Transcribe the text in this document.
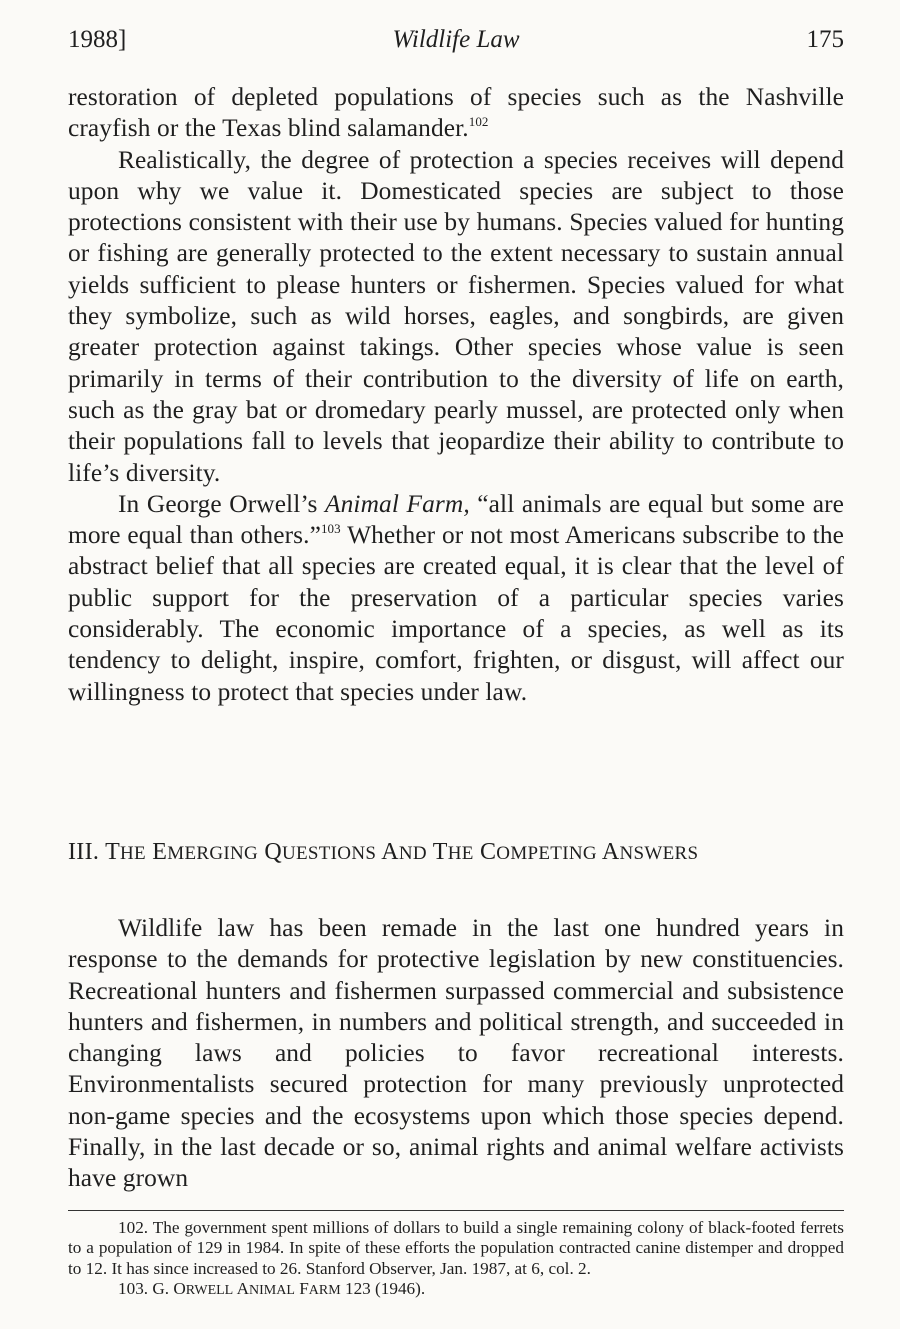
1988]	Wildlife Law	175

restoration of depleted populations of species such as the Nashville crayfish or the Texas blind salamander.$^{102}$

Realistically, the degree of protection a species receives will depend upon why we value it. Domesticated species are subject to those protections consistent with their use by humans. Species valued for hunting or fishing are generally protected to the extent necessary to sustain annual yields sufficient to please hunters or fishermen. Species valued for what they symbolize, such as wild horses, eagles, and songbirds, are given greater protection against takings. Other species whose value is seen primarily in terms of their contribution to the diversity of life on earth, such as the gray bat or dromedary pearly mussel, are protected only when their populations fall to levels that jeopardize their ability to contribute to life’s diversity.

In George Orwell’s Animal Farm, “all animals are equal but some are more equal than others.”$^{103}$ Whether or not most Americans subscribe to the abstract belief that all species are created equal, it is clear that the level of public support for the preservation of a particular species varies considerably. The economic importance of a species, as well as its tendency to delight, inspire, comfort, frighten, or disgust, will affect our willingness to protect that species under law.

III. THE EMERGING QUESTIONS AND THE COMPETING ANSWERS

Wildlife law has been remade in the last one hundred years in response to the demands for protective legislation by new constituencies. Recreational hunters and fishermen surpassed commercial and subsistence hunters and fishermen, in numbers and political strength, and succeeded in changing laws and policies to favor recreational interests. Environmentalists secured protection for many previously unprotected non-game species and the ecosystems upon which those species depend. Finally, in the last decade or so, animal rights and animal welfare activists have grown

102. The government spent millions of dollars to build a single remaining colony of black-footed ferrets to a population of 129 in 1984. In spite of these efforts the population contracted canine distemper and dropped to 12. It has since increased to 26. Stanford Observer, Jan. 1987, at 6, col. 2.

103. G. ORWELL ANIMAL FARM 123 (1946).
